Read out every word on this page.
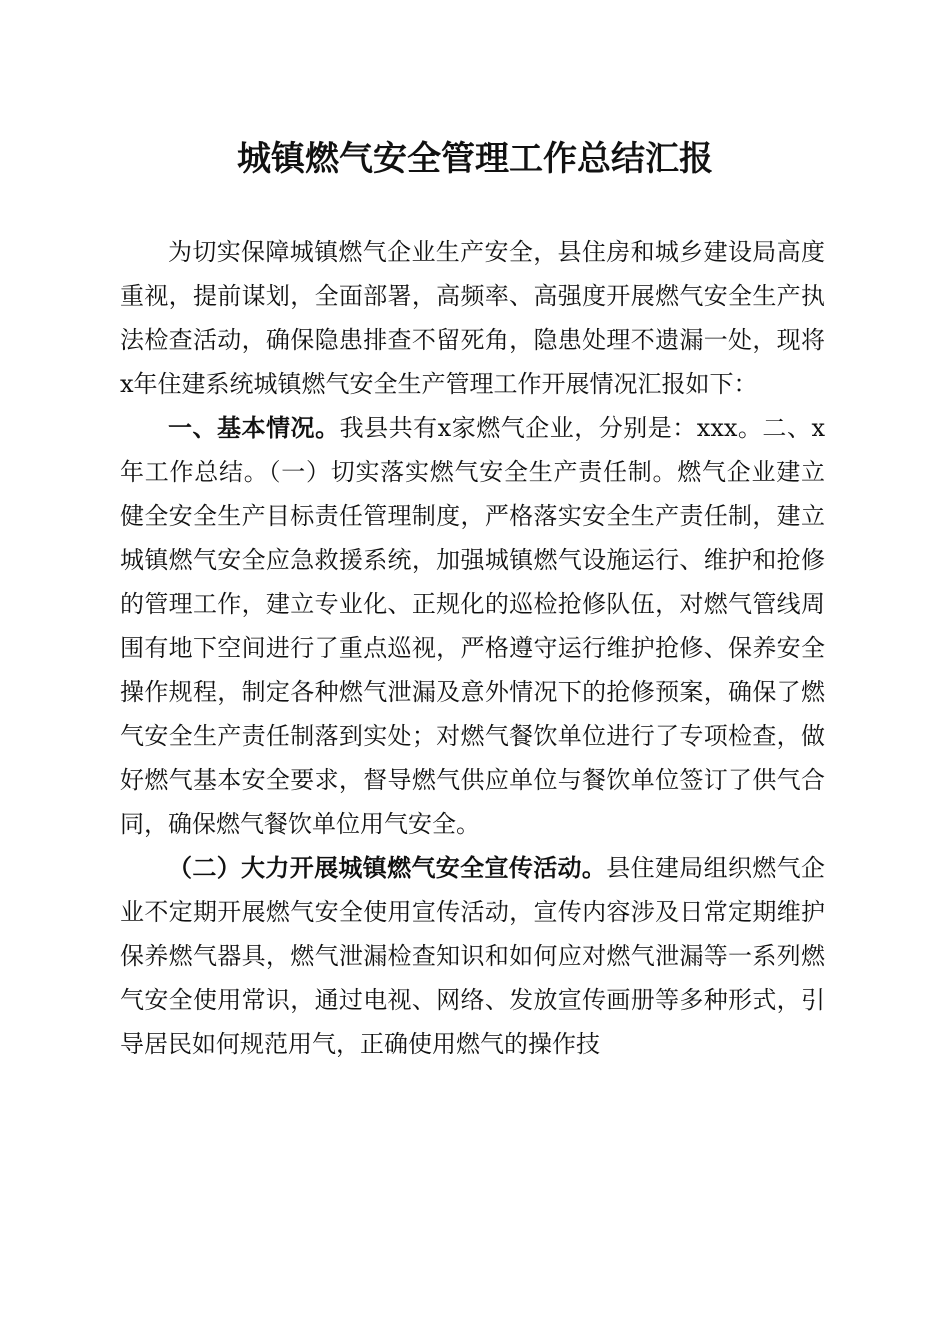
城镇燃气安全管理工作总结汇报

为切实保障城镇燃气企业生产安全，县住房和城乡建设局高度重视，提前谋划，全面部署，高频率、高强度开展燃气安全生产执法检查活动，确保隐患排查不留死角，隐患处理不遗漏一处，现将x年住建系统城镇燃气安全生产管理工作开展情况汇报如下：

一、基本情况。我县共有x家燃气企业，分别是：xxx。二、x年工作总结。（一）切实落实燃气安全生产责任制。燃气企业建立健全安全生产目标责任管理制度，严格落实安全生产责任制，建立城镇燃气安全应急救援系统，加强城镇燃气设施运行、维护和抢修的管理工作，建立专业化、正规化的巡检抢修队伍，对燃气管线周围有地下空间进行了重点巡视，严格遵守运行维护抢修、保养安全操作规程，制定各种燃气泄漏及意外情况下的抢修预案，确保了燃气安全生产责任制落到实处；对燃气餐饮单位进行了专项检查，做好燃气基本安全要求，督导燃气供应单位与餐饮单位签订了供气合同，确保燃气餐饮单位用气安全。

（二）大力开展城镇燃气安全宣传活动。县住建局组织燃气企业不定期开展燃气安全使用宣传活动，宣传内容涉及日常定期维护保养燃气器具，燃气泄漏检查知识和如何应对燃气泄漏等一系列燃气安全使用常识，通过电视、网络、发放宣传画册等多种形式，引导居民如何规范用气，正确使用燃气的操作技
